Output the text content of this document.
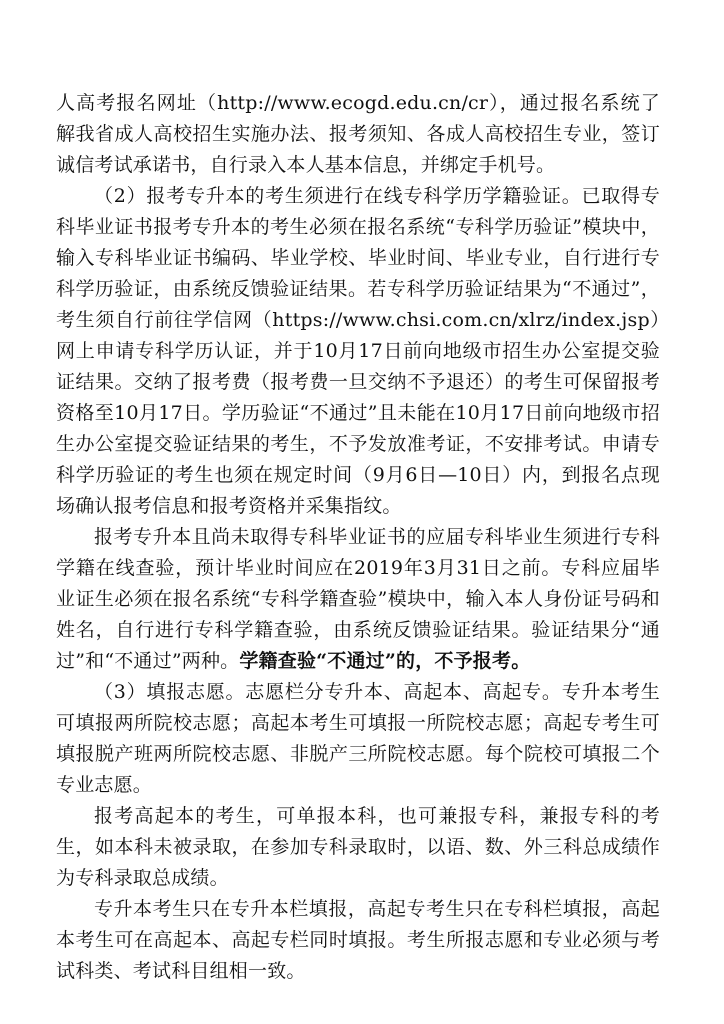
人高考报名网址（http://www.ecogd.edu.cn/cr），通过报名系统了解我省成人高校招生实施办法、报考须知、各成人高校招生专业，签订诚信考试承诺书，自行录入本人基本信息，并绑定手机号。

（2）报考专升本的考生须进行在线专科学历学籍验证。已取得专科毕业证书报考专升本的考生必须在报名系统“专科学历验证”模块中，输入专科毕业证书编码、毕业学校、毕业时间、毕业专业，自行进行专科学历验证，由系统反馈验证结果。若专科学历验证结果为“不通过”，考生须自行前往学信网（https://www.chsi.com.cn/xlrz/index.jsp）网上申请专科学历认证，并于10月17日前向地级市招生办公室提交验证结果。交纳了报考费（报考费一旦交纳不予退还）的考生可保留报考资格至10月17日。学历验证“不通过”且未能在10月17日前向地级市招生办公室提交验证结果的考生，不予发放准考证，不安排考试。申请专科学历验证的考生也须在规定时间（9月6日—10日）内，到报名点现场确认报考信息和报考资格并采集指纹。

报考专升本且尚未取得专科毕业证书的应届专科毕业生须进行专科学籍在线查验，预计毕业时间应在2019年3月31日之前。专科应届毕业证生必须在报名系统“专科学籍查验”模块中，输入本人身份证号码和姓名，自行进行专科学籍查验，由系统反馈验证结果。验证结果分“通过”和“不通过”两种。学籍查验“不通过”的，不予报考。

（3）填报志愿。志愿栏分专升本、高起本、高起专。专升本考生可填报两所院校志愿；高起本考生可填报一所院校志愿；高起专考生可填报脱产班两所院校志愿、非脱产三所院校志愿。每个院校可填报二个专业志愿。

报考高起本的考生，可单报本科，也可兼报专科，兼报专科的考生，如本科未被录取，在参加专科录取时，以语、数、外三科总成绩作为专科录取总成绩。

专升本考生只在专升本栏填报，高起专考生只在专科栏填报，高起本考生可在高起本、高起专栏同时填报。考生所报志愿和专业必须与考试科类、考试科目组相一致。
